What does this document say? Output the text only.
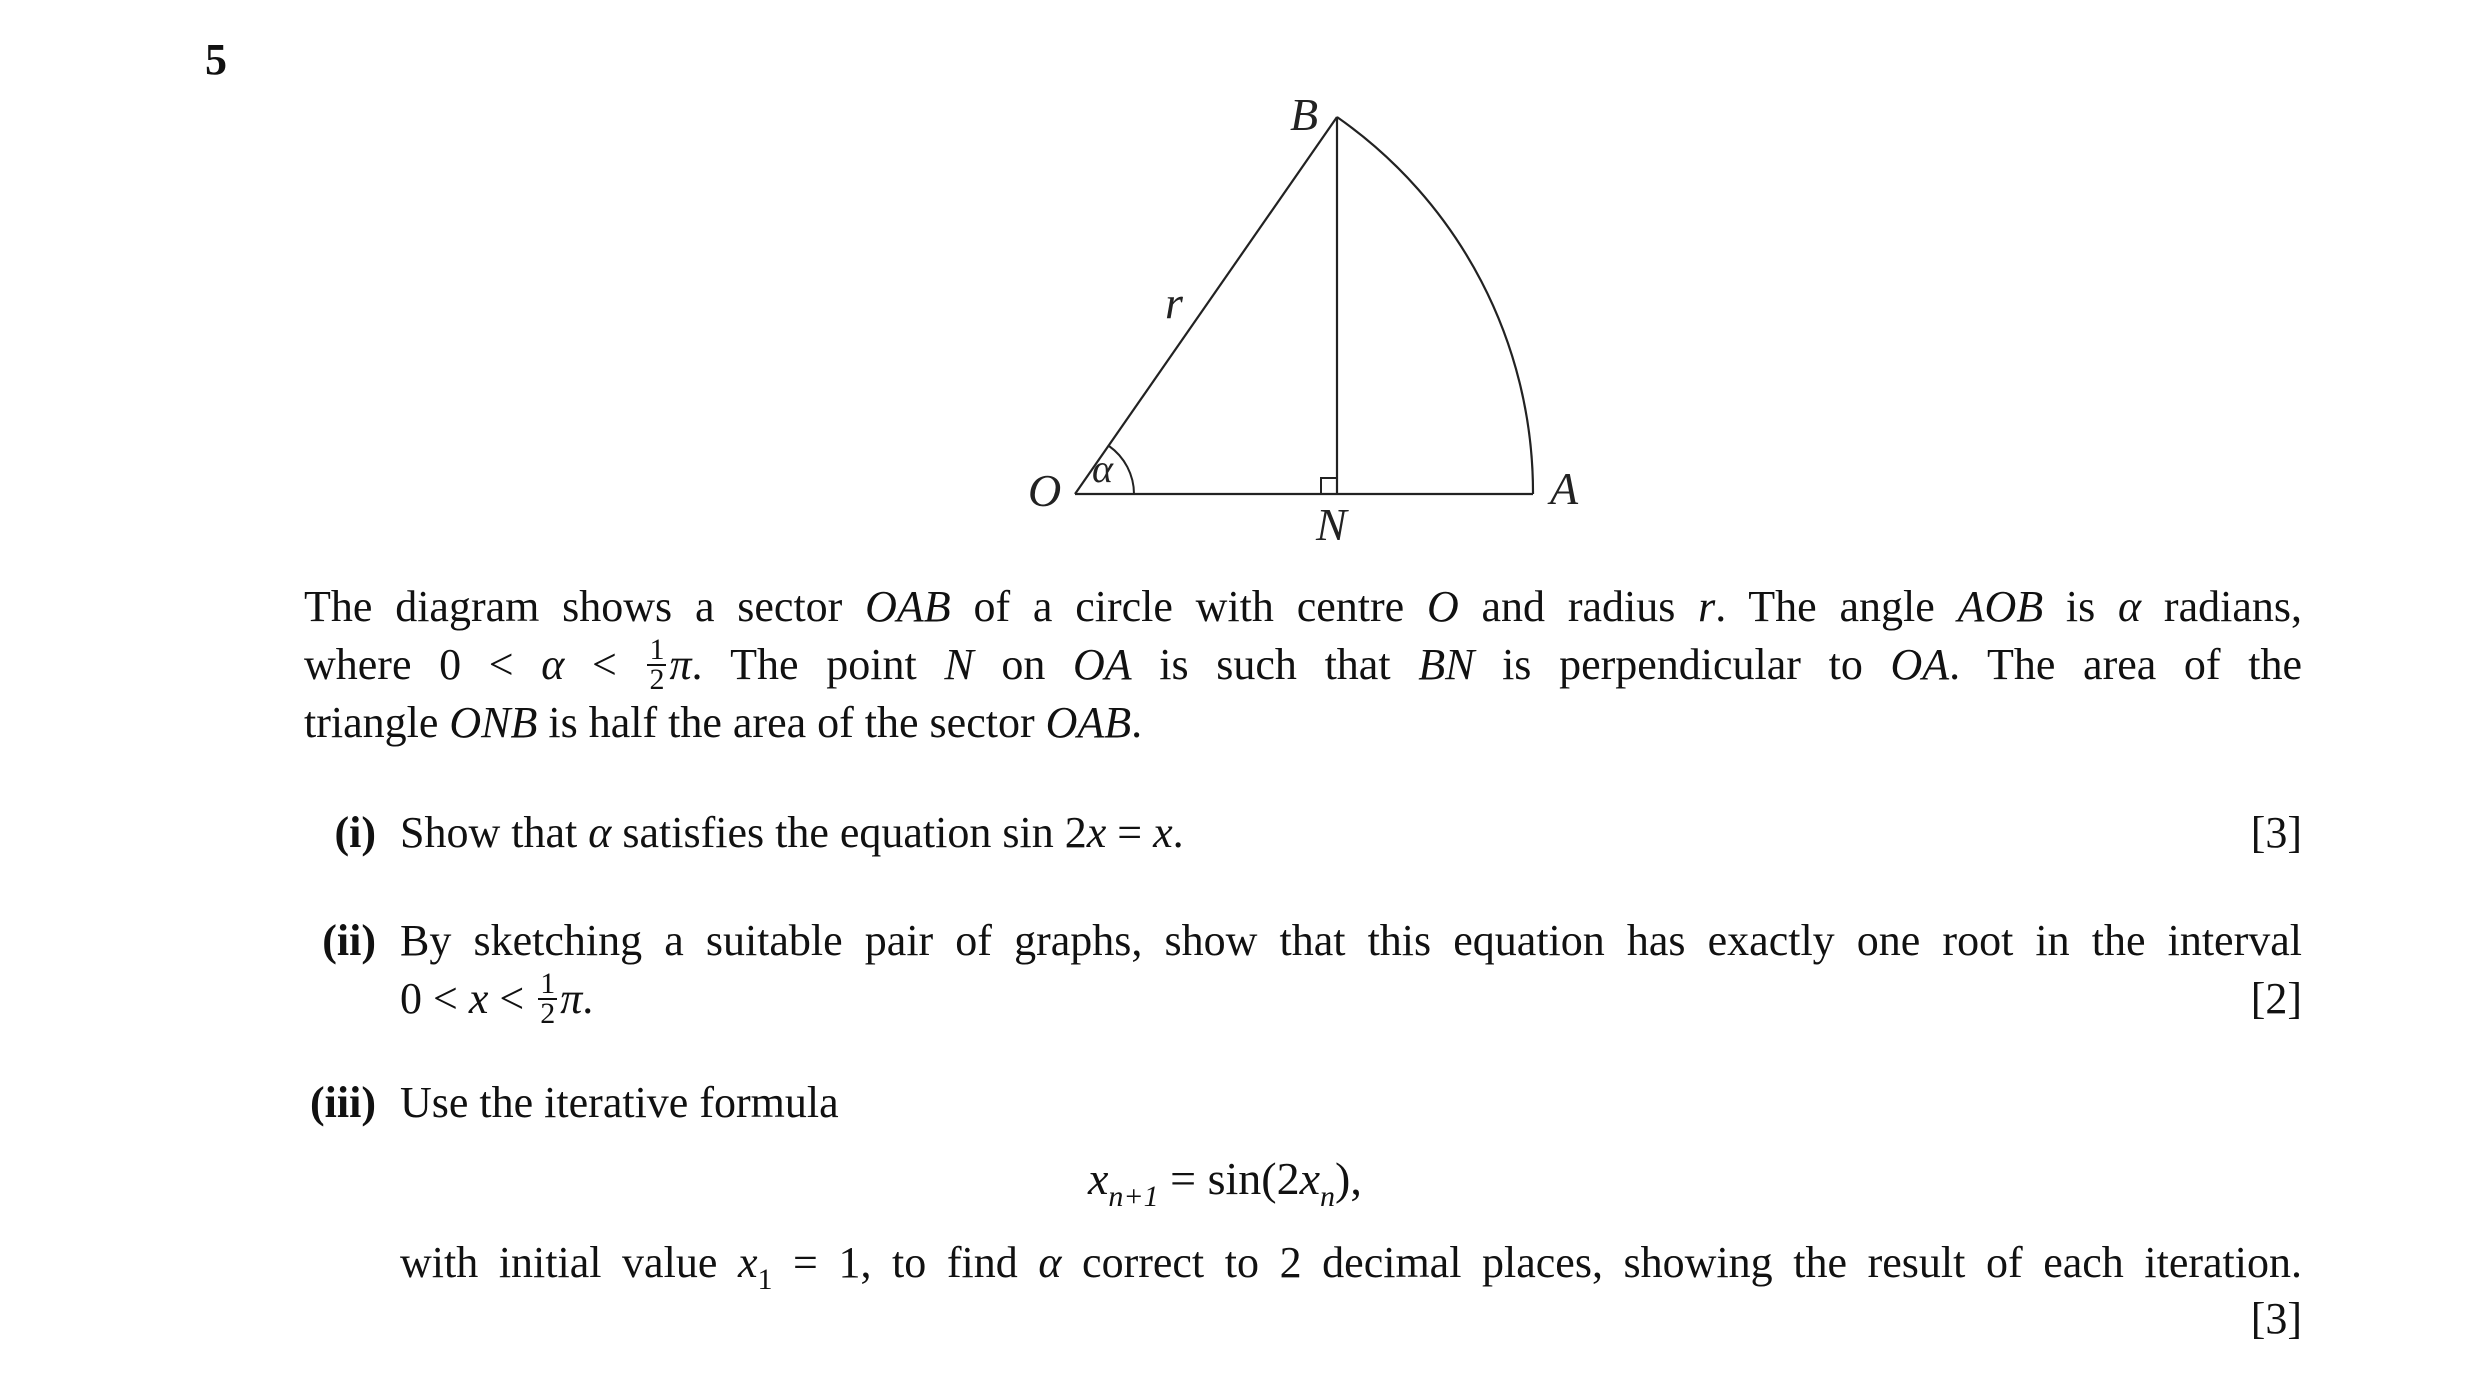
5
B
O	A
N
r
α
The diagram shows a sector OAB of a circle with centre O and radius r. The angle AOB is α radians,
where $0 < \alpha < \frac{1}{2} \pi$. The point N on OA is such that BN is perpendicular to OA. The area of the
triangle ONB is half the area of the sector OAB.
(i) Show that α satisfies the equation sin 2x = x.	[3]
(ii) By sketching a suitable pair of graphs, show that this equation has exactly one root in the interval
$0 < x < \frac{1}{2} \pi$.	[2]
(iii) Use the iterative formula
$x_{n+1} = \sin(2x_n)$,
with initial value $x_1 = 1$, to find α correct to 2 decimal places, showing the result of each iteration.
[3]
